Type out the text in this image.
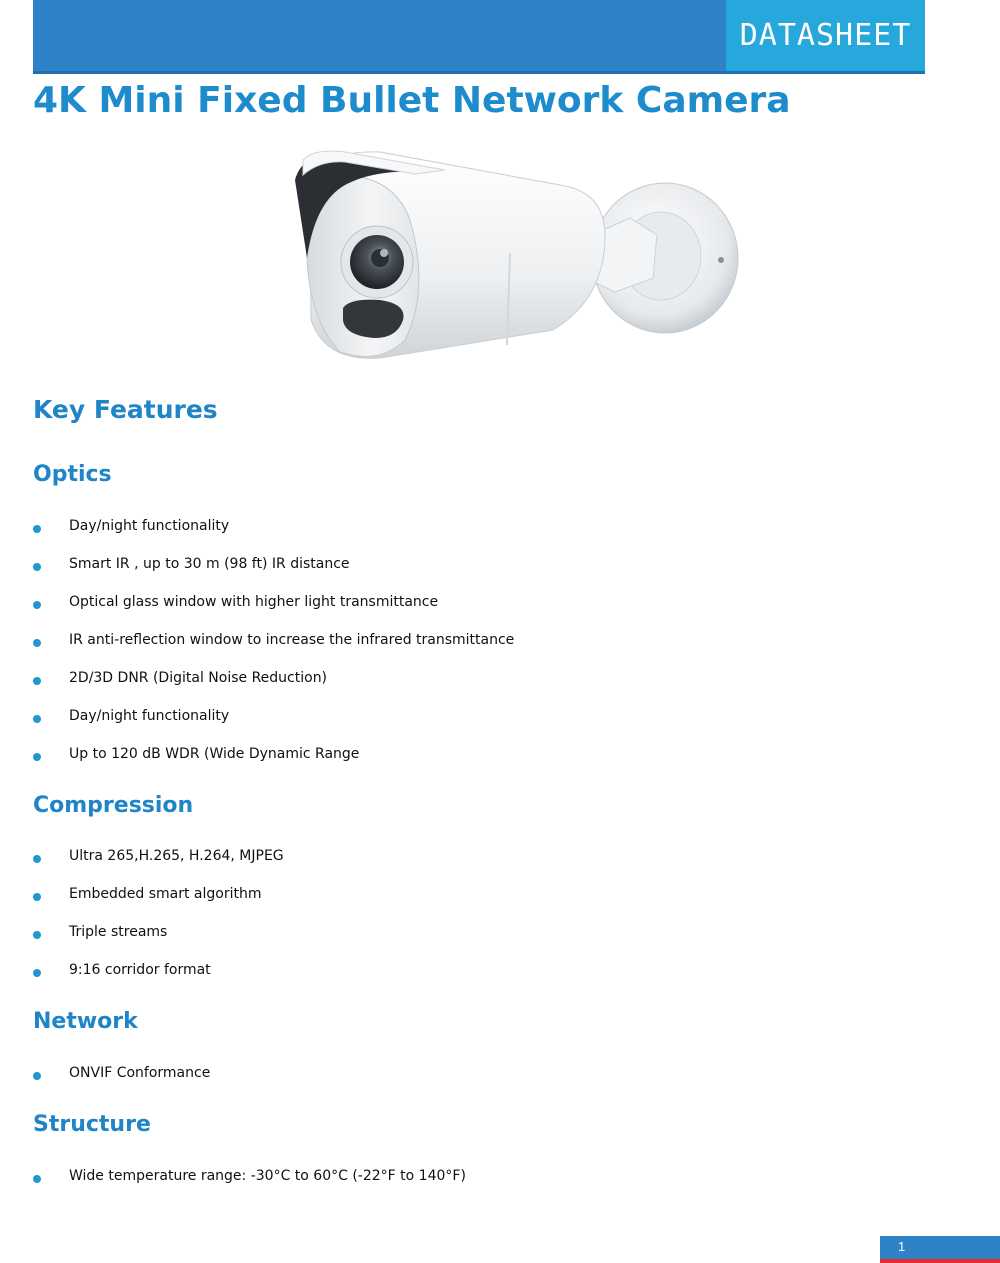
DATASHEET
4K Mini Fixed Bullet Network Camera
Key Features
Optics
Day/night functionality
Smart IR , up to 30 m (98 ft) IR distance
Optical glass window with higher light transmittance
IR anti-reflection window to increase the infrared transmittance
2D/3D DNR (Digital Noise Reduction)
Day/night functionality
Up to 120 dB WDR (Wide Dynamic Range
Compression
Ultra 265,H.265, H.264, MJPEG
Embedded smart algorithm
Triple streams
9:16 corridor format
Network
ONVIF Conformance
Structure
Wide temperature range: -30°C to 60°C (-22°F to 140°F)
1
